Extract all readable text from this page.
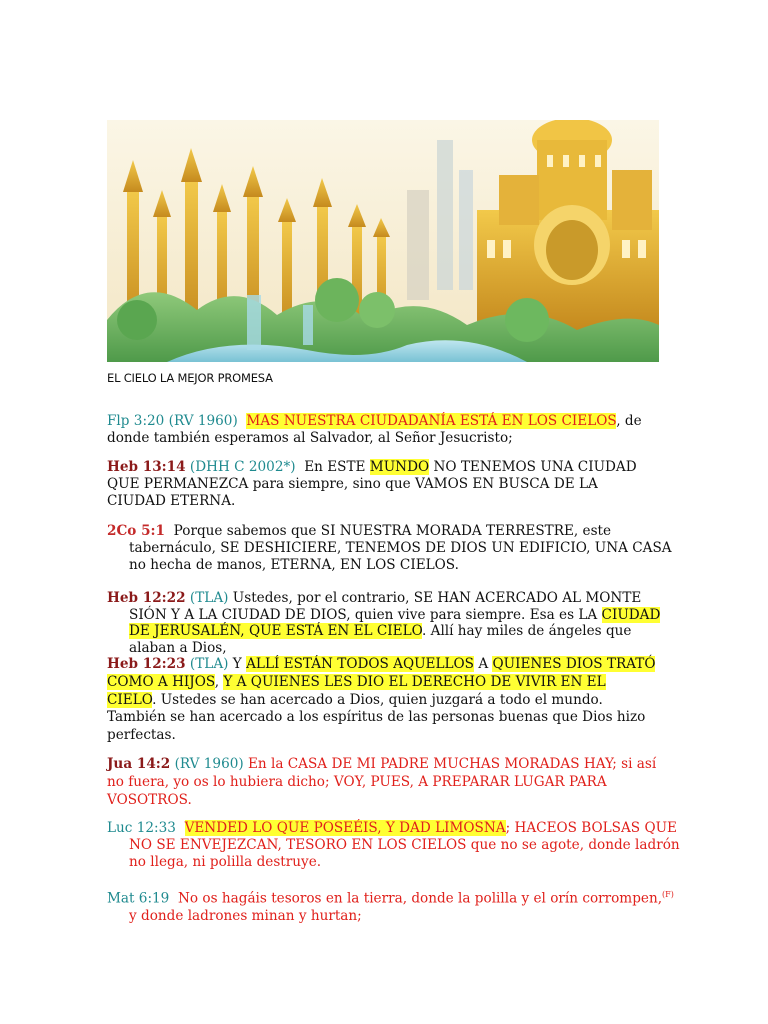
EL CIELO LA MEJOR PROMESA
Flp 3:20 (RV 1960) MAS NUESTRA CIUDADANÍA ESTÁ EN LOS CIELOS, de donde también esperamos al Salvador, al Señor Jesucristo;
Heb 13:14 (DHH C 2002*) En ESTE MUNDO NO TENEMOS UNA CIUDAD QUE PERMANEZCA para siempre, sino que VAMOS EN BUSCA DE LA CIUDAD ETERNA.
2Co 5:1 Porque sabemos que SI NUESTRA MORADA TERRESTRE, este tabernáculo, SE DESHICIERE, TENEMOS DE DIOS UN EDIFICIO, UNA CASA no hecha de manos, ETERNA, EN LOS CIELOS.
Heb 12:22 (TLA) Ustedes, por el contrario, SE HAN ACERCADO AL MONTE SIÓN Y A LA CIUDAD DE DIOS, quien vive para siempre. Esa es LA CIUDAD DE JERUSALÉN, QUE ESTÁ EN EL CIELO. Allí hay miles de ángeles que alaban a Dios,
Heb 12:23 (TLA) Y ALLÍ ESTÁN TODOS AQUELLOS A QUIENES DIOS TRATÓ COMO A HIJOS, Y A QUIENES LES DIO EL DERECHO DE VIVIR EN EL CIELO. Ustedes se han acercado a Dios, quien juzgará a todo el mundo. También se han acercado a los espíritus de las personas buenas que Dios hizo perfectas.
Jua 14:2 (RV 1960) En la CASA DE MI PADRE MUCHAS MORADAS HAY; si así no fuera, yo os lo hubiera dicho; VOY, PUES, A PREPARAR LUGAR PARA VOSOTROS.
Luc 12:33 VENDED LO QUE POSEÉIS, Y DAD LIMOSNA; HACEOS BOLSAS QUE NO SE ENVEJEZCAN, TESORO EN LOS CIELOS que no se agote, donde ladrón no llega, ni polilla destruye.
Mat 6:19 No os hagáis tesoros en la tierra, donde la polilla y el orín corrompen,$^{(F)}$ y donde ladrones minan y hurtan;
